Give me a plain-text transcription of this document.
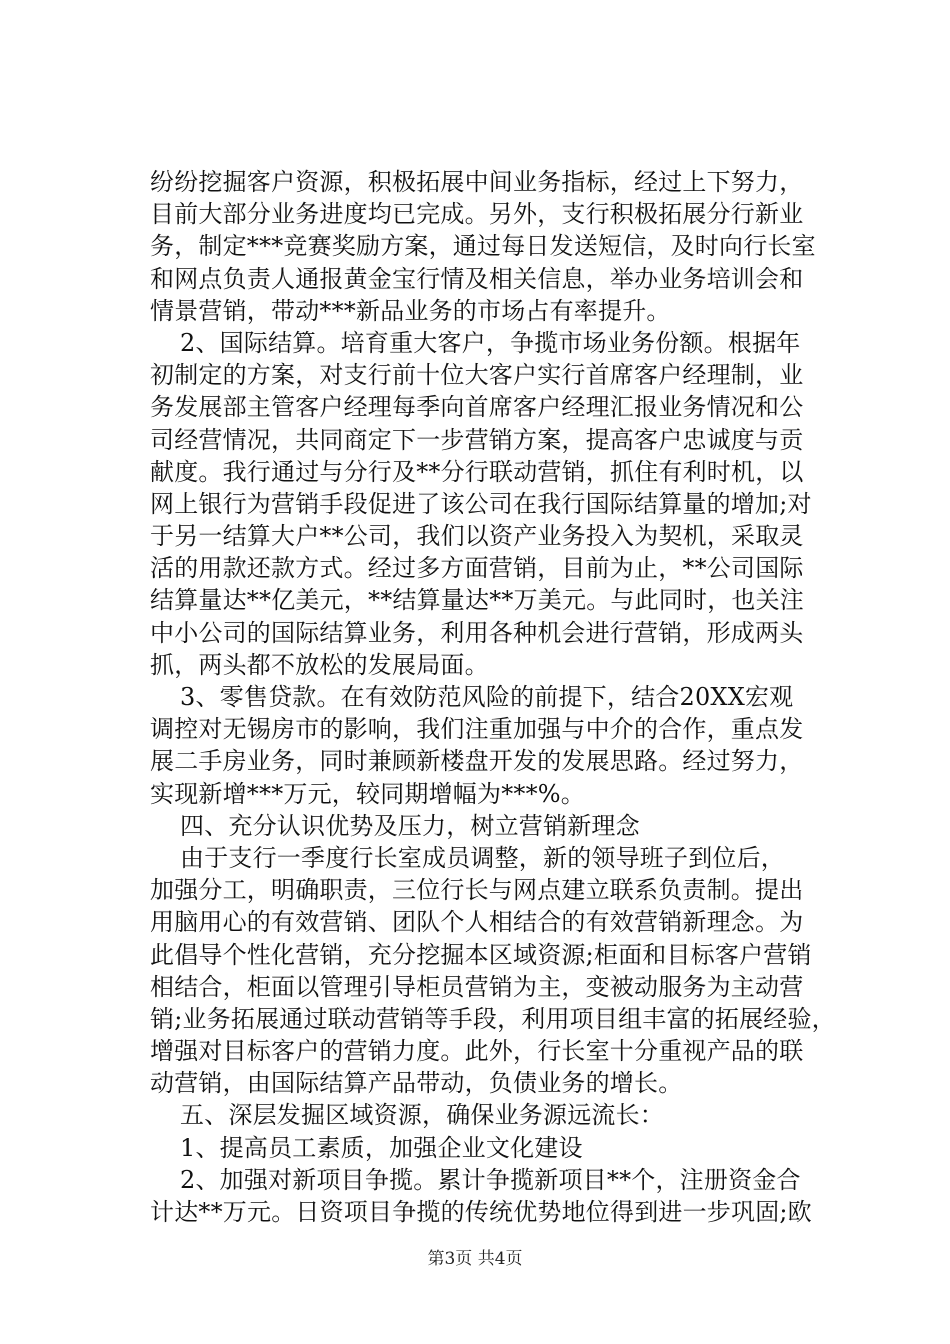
纷纷挖掘客户资源，积极拓展中间业务指标，经过上下努力，
目前大部分业务进度均已完成。另外，支行积极拓展分行新业
务，制定***竞赛奖励方案，通过每日发送短信，及时向行长室
和网点负责人通报黄金宝行情及相关信息，举办业务培训会和
情景营销，带动***新品业务的市场占有率提升。
2、国际结算。培育重大客户，争揽市场业务份额。根据年
初制定的方案，对支行前十位大客户实行首席客户经理制，业
务发展部主管客户经理每季向首席客户经理汇报业务情况和公
司经营情况，共同商定下一步营销方案，提高客户忠诚度与贡
献度。我行通过与分行及**分行联动营销，抓住有利时机，以
网上银行为营销手段促进了该公司在我行国际结算量的增加;对
于另一结算大户**公司，我们以资产业务投入为契机，采取灵
活的用款还款方式。经过多方面营销，目前为止，**公司国际
结算量达**亿美元，**结算量达**万美元。与此同时，也关注
中小公司的国际结算业务，利用各种机会进行营销，形成两头
抓，两头都不放松的发展局面。
3、零售贷款。在有效防范风险的前提下，结合20XX宏观
调控对无锡房市的影响，我们注重加强与中介的合作，重点发
展二手房业务，同时兼顾新楼盘开发的发展思路。经过努力，
实现新增***万元，较同期增幅为***%。
四、充分认识优势及压力，树立营销新理念
由于支行一季度行长室成员调整，新的领导班子到位后，
加强分工，明确职责，三位行长与网点建立联系负责制。提出
用脑用心的有效营销、团队个人相结合的有效营销新理念。为
此倡导个性化营销，充分挖掘本区域资源;柜面和目标客户营销
相结合，柜面以管理引导柜员营销为主，变被动服务为主动营
销;业务拓展通过联动营销等手段，利用项目组丰富的拓展经验，
增强对目标客户的营销力度。此外，行长室十分重视产品的联
动营销，由国际结算产品带动，负债业务的增长。
五、深层发掘区域资源，确保业务源远流长：
1、提高员工素质，加强企业文化建设
2、加强对新项目争揽。累计争揽新项目**个，注册资金合
计达**万元。日资项目争揽的传统优势地位得到进一步巩固;欧
第3页 共4页
